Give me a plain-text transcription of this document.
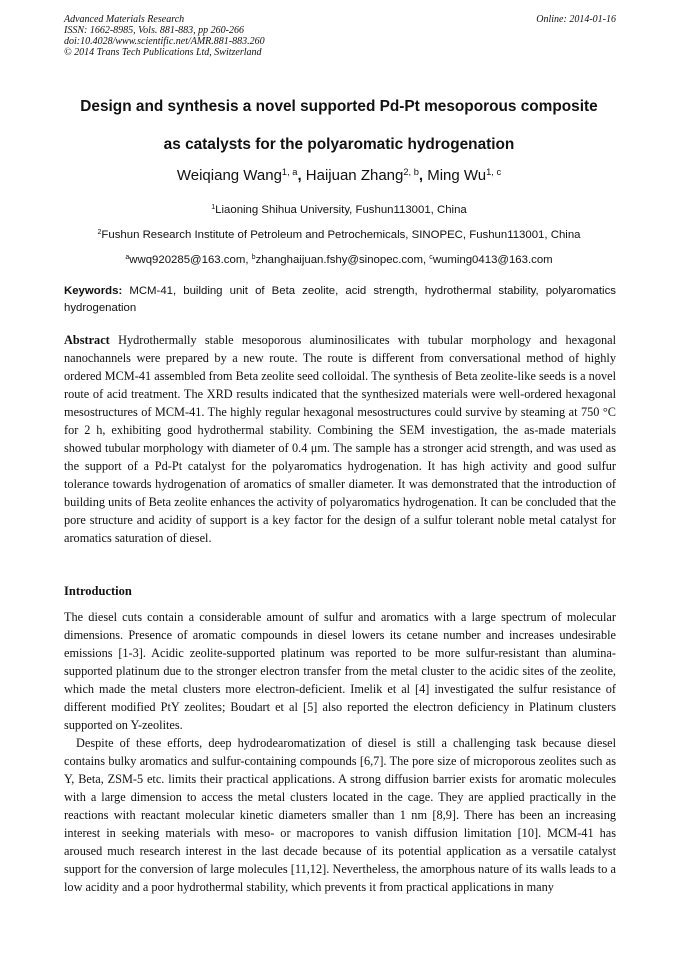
Advanced Materials Research
ISSN: 1662-8985, Vols. 881-883, pp 260-266
doi:10.4028/www.scientific.net/AMR.881-883.260
© 2014 Trans Tech Publications Ltd, Switzerland
Online: 2014-01-16
Design and synthesis a novel supported Pd-Pt mesoporous composite
as catalysts for the polyaromatic hydrogenation
Weiqiang Wang$^{1, a}$, Haijuan Zhang$^{2, b}$, Ming Wu$^{1, c}$
$^1$Liaoning Shihua University, Fushun113001, China
$^2$Fushun Research Institute of Petroleum and Petrochemicals, SINOPEC, Fushun113001, China
$^a$wwq920285@163.com, $^b$zhanghaijuan.fshy@sinopec.com, $^c$wuming0413@163.com
Keywords: MCM-41, building unit of Beta zeolite, acid strength, hydrothermal stability, polyaromatics hydrogenation
Abstract Hydrothermally stable mesoporous aluminosilicates with tubular morphology and hexagonal nanochannels were prepared by a new route. The route is different from conversational method of highly ordered MCM-41 assembled from Beta zeolite seed colloidal. The synthesis of Beta zeolite-like seeds is a novel route of acid treatment. The XRD results indicated that the synthesized materials were well-ordered hexagonal mesostructures of MCM-41. The highly regular hexagonal mesostructures could survive by steaming at 750 °C for 2 h, exhibiting good hydrothermal stability. Combining the SEM investigation, the as-made materials showed tubular morphology with diameter of 0.4 μm. The sample has a stronger acid strength, and was used as the support of a Pd-Pt catalyst for the polyaromatics hydrogenation. It has high activity and good sulfur tolerance towards hydrogenation of aromatics of smaller diameter. It was demonstrated that the introduction of building units of Beta zeolite enhances the activity of polyaromatics hydrogenation. It can be concluded that the pore structure and acidity of support is a key factor for the design of a sulfur tolerant noble metal catalyst for aromatics saturation of diesel.
Introduction

The diesel cuts contain a considerable amount of sulfur and aromatics with a large spectrum of molecular dimensions. Presence of aromatic compounds in diesel lowers its cetane number and increases undesirable emissions [1-3]. Acidic zeolite-supported platinum was reported to be more sulfur-resistant than alumina-supported platinum due to the stronger electron transfer from the metal cluster to the acidic sites of the zeolite, which made the metal clusters more electron-deficient. Imelik et al [4] investigated the sulfur resistance of different modified PtY zeolites; Boudart et al [5] also reported the electron deficiency in Platinum clusters supported on Y-zeolites.

Despite of these efforts, deep hydrodearomatization of diesel is still a challenging task because diesel contains bulky aromatics and sulfur-containing compounds [6,7]. The pore size of microporous zeolites such as Y, Beta, ZSM-5 etc. limits their practical applications. A strong diffusion barrier exists for aromatic molecules with a large dimension to access the metal clusters located in the cage. They are applied practically in the reactions with reactant molecular kinetic diameters smaller than 1 nm [8,9]. There has been an increasing interest in seeking materials with meso- or macropores to vanish diffusion limitation [10]. MCM-41 has aroused much research interest in the last decade because of its potential application as a versatile catalyst support for the conversion of large molecules [11,12]. Nevertheless, the amorphous nature of its walls leads to a low acidity and a poor hydrothermal stability, which prevents it from practical applications in many
